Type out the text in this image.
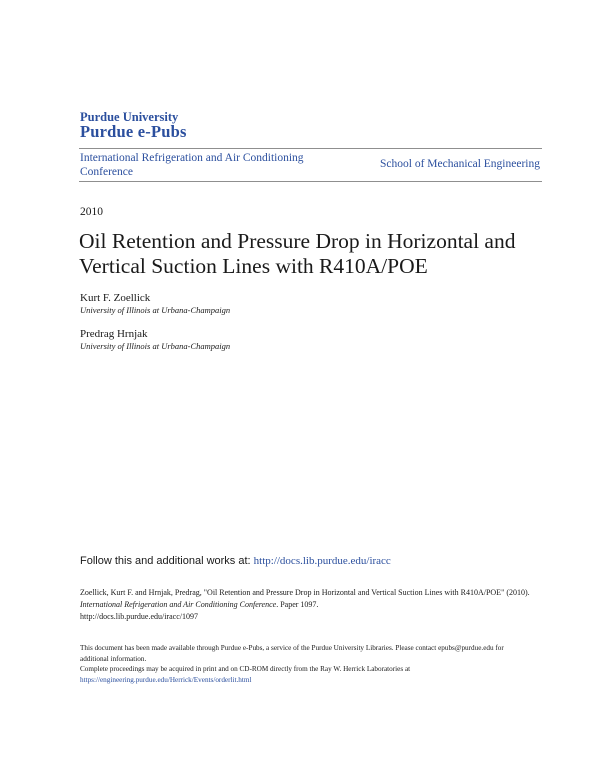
Purdue University
Purdue e-Pubs
International Refrigeration and Air Conditioning Conference
School of Mechanical Engineering
2010
Oil Retention and Pressure Drop in Horizontal and Vertical Suction Lines with R410A/POE
Kurt F. Zoellick
University of Illinois at Urbana-Champaign
Predrag Hrnjak
University of Illinois at Urbana-Champaign
Follow this and additional works at: http://docs.lib.purdue.edu/iracc
Zoellick, Kurt F. and Hrnjak, Predrag, "Oil Retention and Pressure Drop in Horizontal and Vertical Suction Lines with R410A/POE" (2010). International Refrigeration and Air Conditioning Conference. Paper 1097.
http://docs.lib.purdue.edu/iracc/1097
This document has been made available through Purdue e-Pubs, a service of the Purdue University Libraries. Please contact epubs@purdue.edu for additional information.
Complete proceedings may be acquired in print and on CD-ROM directly from the Ray W. Herrick Laboratories at https://engineering.purdue.edu/Herrick/Events/orderlit.html
